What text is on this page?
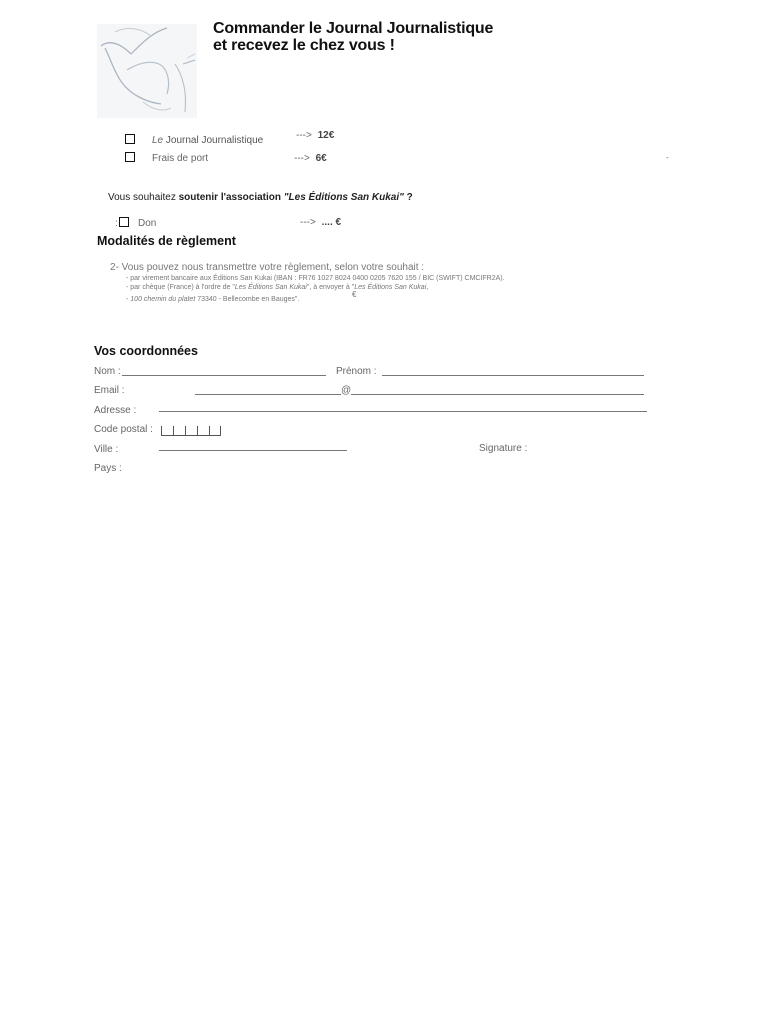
Commander le Journal Journalistique
et recevez le chez vous !
Le Journal Journalistique	---> 12€
Frais de port	---> 6€	-
Vous souhaitez soutenir l'association "Les Éditions San Kukai" ?
: Don	---> .... €
Modalités de règlement
2- Vous pouvez nous transmettre votre règlement, selon votre souhait :
- par virement bancaire aux Éditions San Kukai (IBAN : FR76 1027 8024 0400 0205 7620 155 / BIC (SWIFT) CMCIFR2A).
- par chèque (France) à l'ordre de "Les Éditions San Kukai", à envoyer à "Les Éditions San Kukai,
- 100 chemin du platet 73340 - Bellecombe en Bauges".
€
Vos coordonnées
Nom :	Prénom :
Email :	@
Adresse :
Code postal :
Ville :	Signature :
Pays :
